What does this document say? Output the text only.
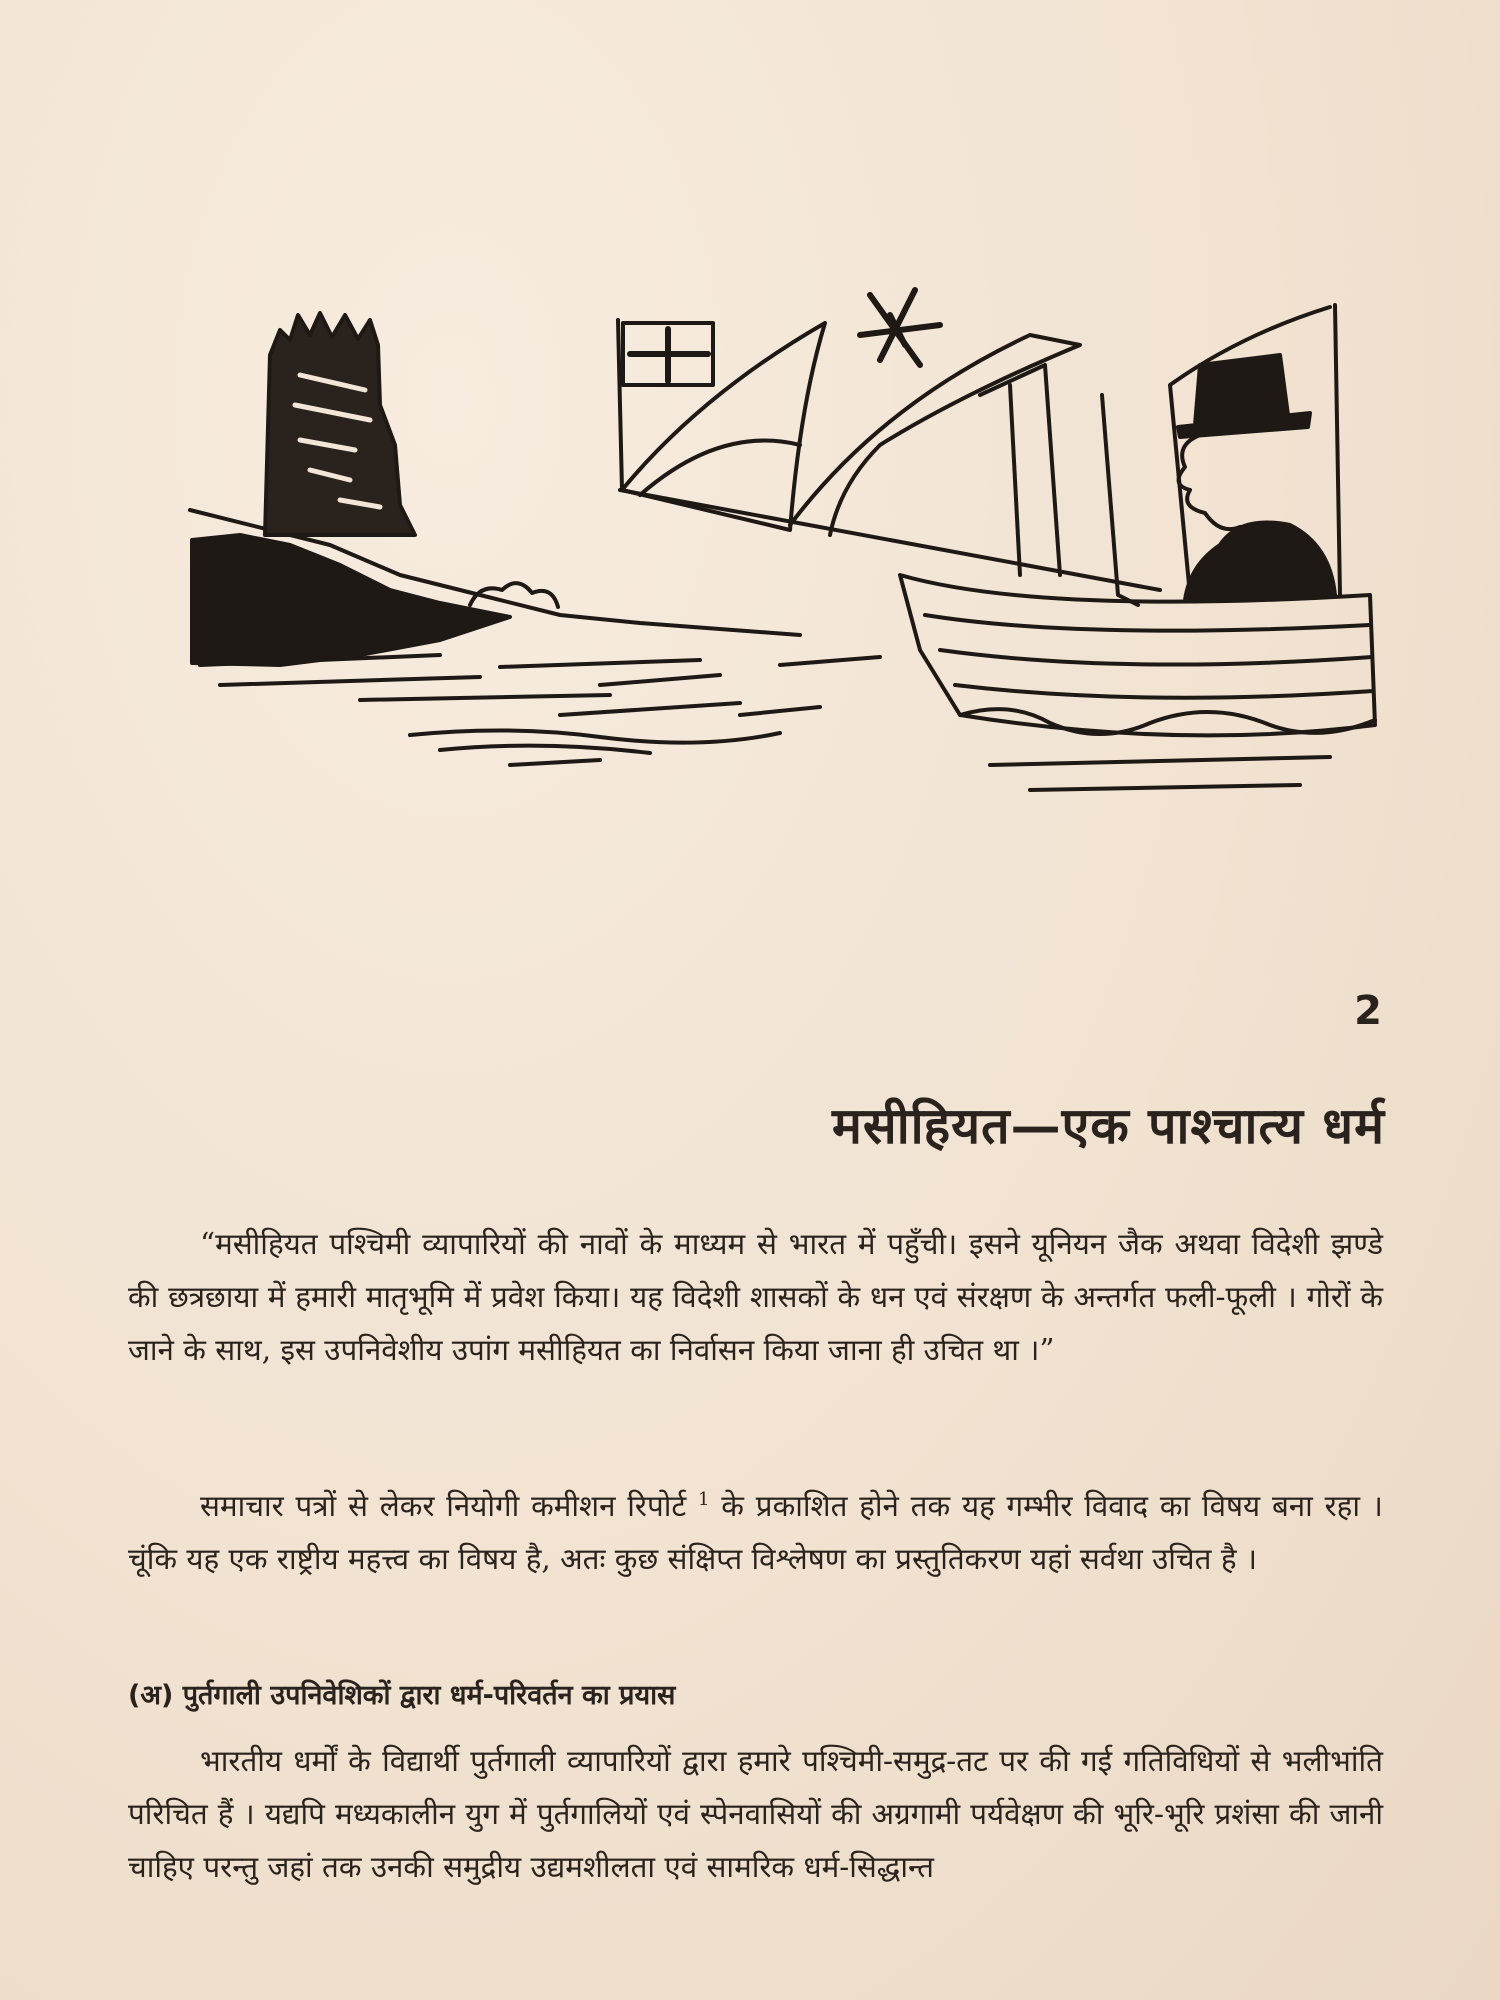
2
मसीहियत—एक पाश्चात्य धर्म

“मसीहियत पश्चिमी व्यापारियों की नावों के माध्यम से भारत में पहुँची। इसने यूनियन जैक अथवा विदेशी झण्डे की छत्रछाया में हमारी मातृभूमि में प्रवेश किया। यह विदेशी शासकों के धन एवं संरक्षण के अन्तर्गत फली-फूली । गोरों के जाने के साथ, इस उपनिवेशीय उपांग मसीहियत का निर्वासन किया जाना ही उचित था ।”

समाचार पत्रों से लेकर नियोगी कमीशन रिपोर्ट $^1$ के प्रकाशित होने तक यह गम्भीर विवाद का विषय बना रहा । चूंकि यह एक राष्ट्रीय महत्त्व का विषय है, अतः कुछ संक्षिप्त विश्लेषण का प्रस्तुतिकरण यहां सर्वथा उचित है ।

(अ) पुर्तगाली उपनिवेशिकों द्वारा धर्म-परिवर्तन का प्रयास

भारतीय धर्मों के विद्यार्थी पुर्तगाली व्यापारियों द्वारा हमारे पश्चिमी-समुद्र-तट पर की गई गतिविधियों से भलीभांति परिचित हैं । यद्यपि मध्यकालीन युग में पुर्तगालियों एवं स्पेनवासियों की अग्रगामी पर्यवेक्षण की भूरि-भूरि प्रशंसा की जानी चाहिए परन्तु जहां तक उनकी समुद्रीय उद्यमशीलता एवं सामरिक धर्म-सिद्धान्त
